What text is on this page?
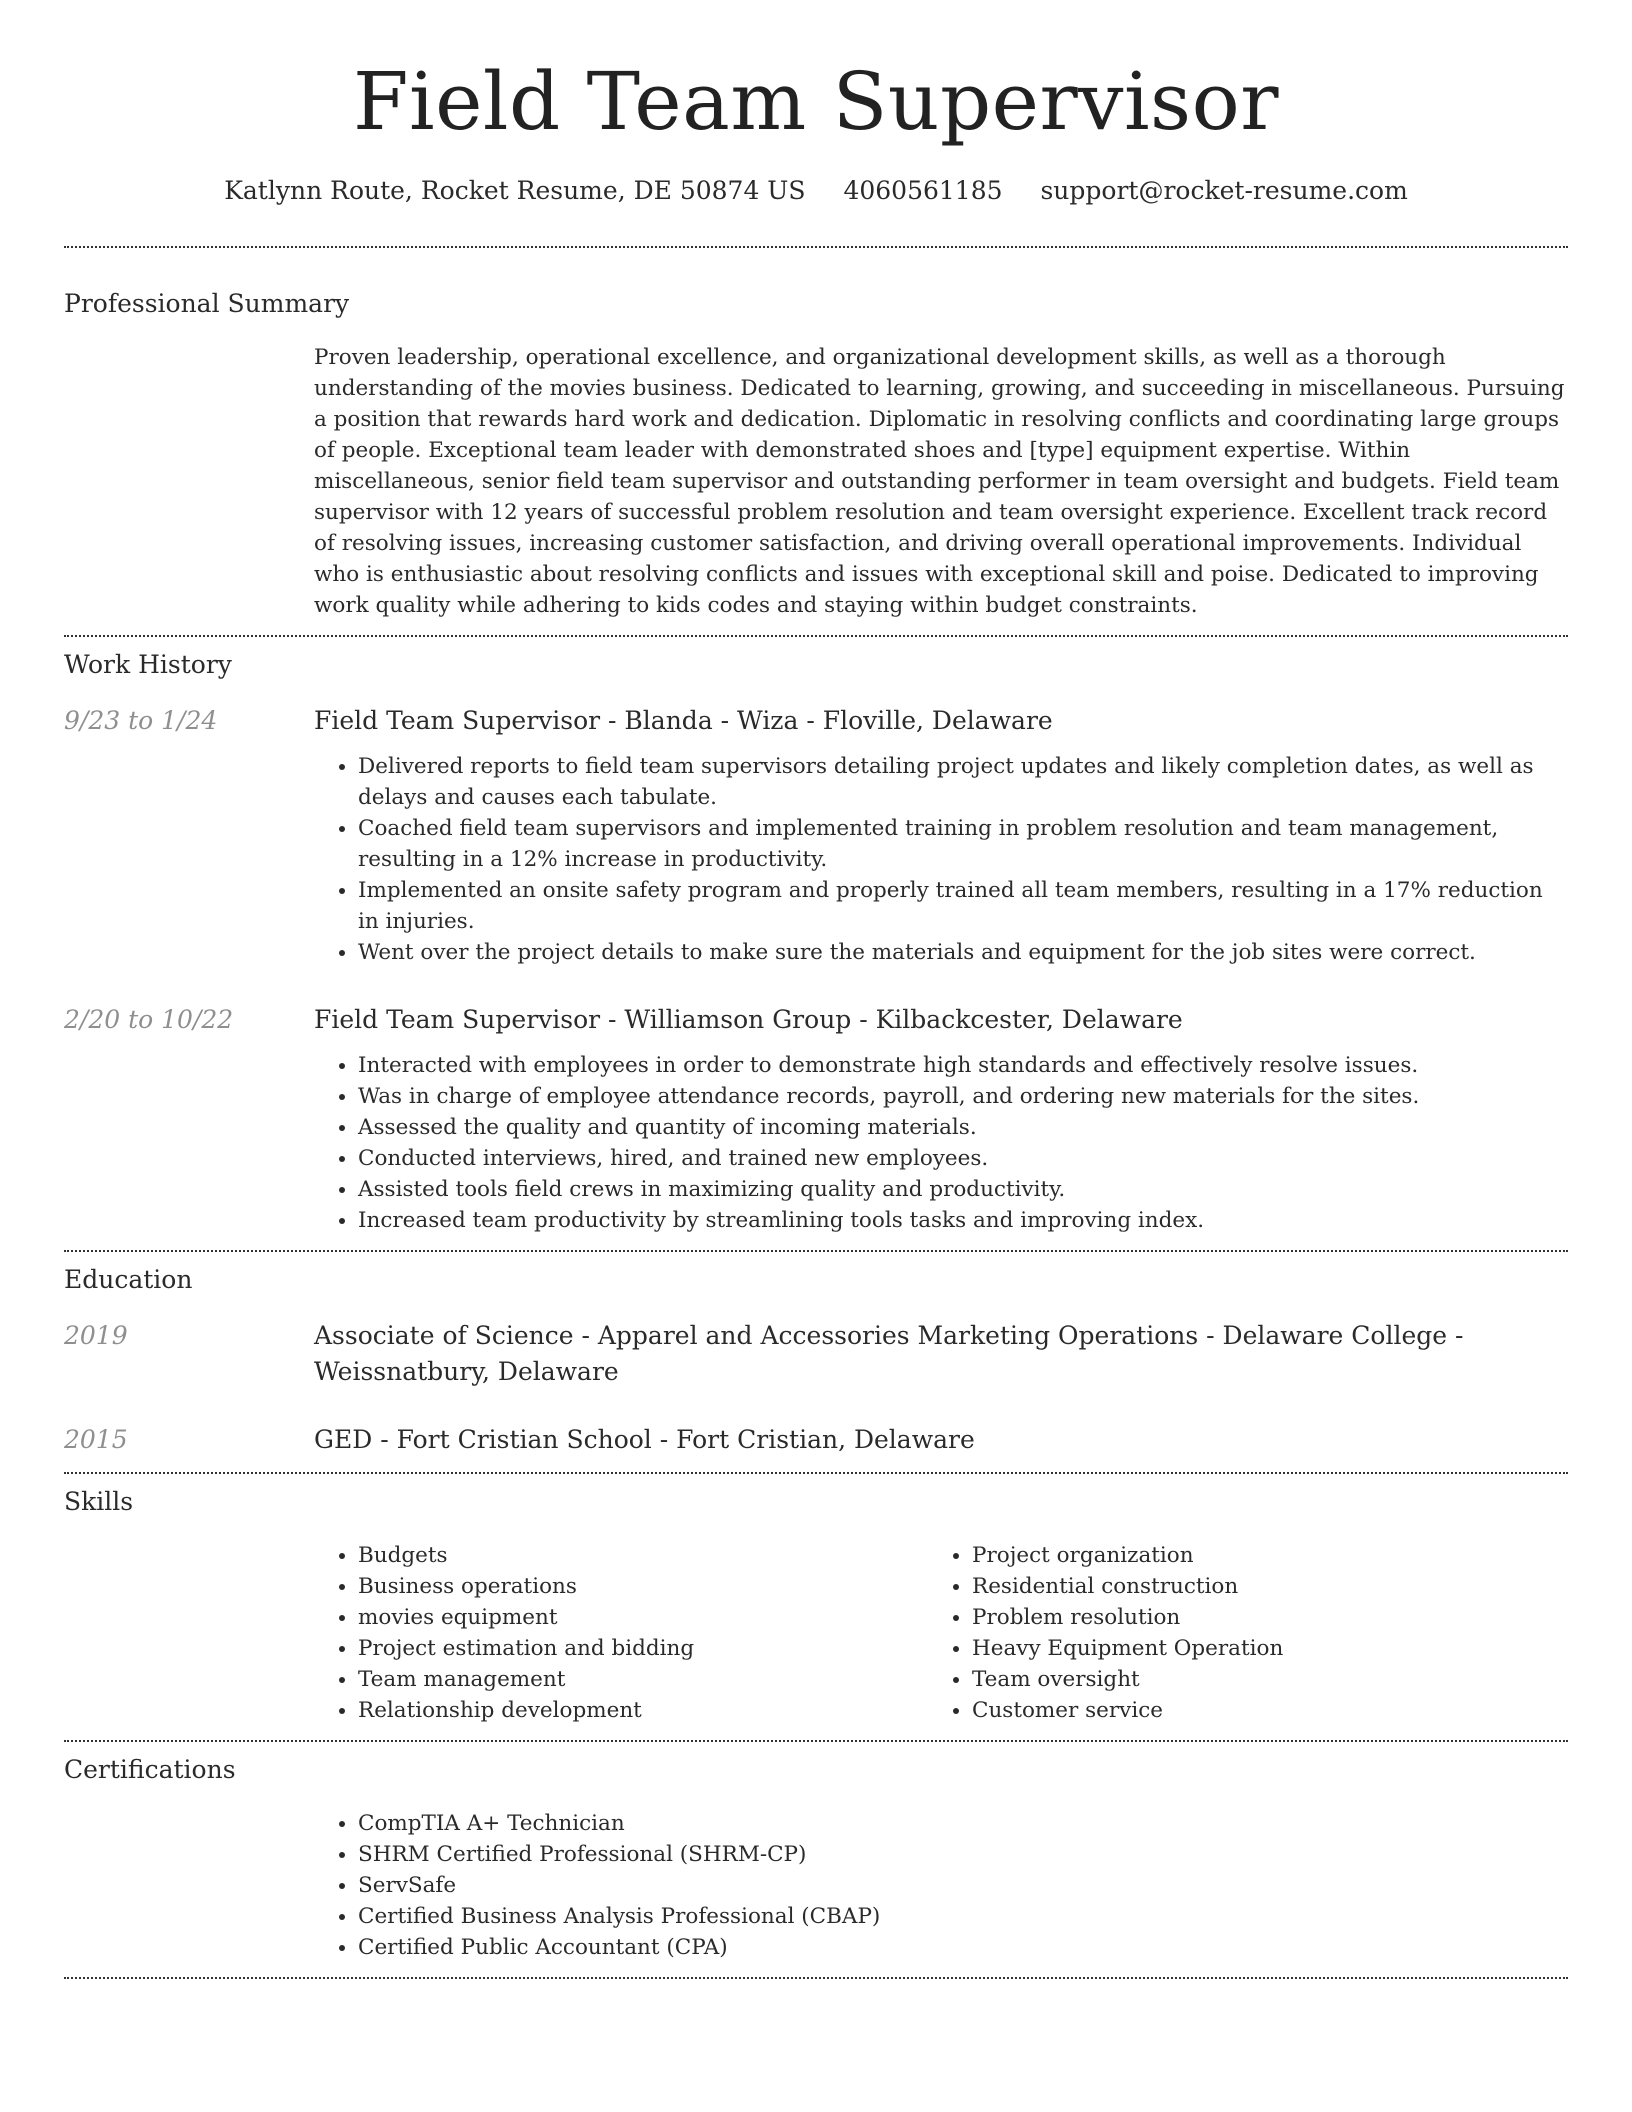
Field Team Supervisor
Katlynn Route, Rocket Resume, DE 50874 US 4060561185 support@rocket-resume.com
Professional Summary

Proven leadership, operational excellence, and organizational development skills, as well as a thorough understanding of the movies business. Dedicated to learning, growing, and succeeding in miscellaneous. Pursuing a position that rewards hard work and dedication. Diplomatic in resolving conflicts and coordinating large groups of people. Exceptional team leader with demonstrated shoes and [type] equipment expertise. Within miscellaneous, senior field team supervisor and outstanding performer in team oversight and budgets. Field team supervisor with 12 years of successful problem resolution and team oversight experience. Excellent track record of resolving issues, increasing customer satisfaction, and driving overall operational improvements. Individual who is enthusiastic about resolving conflicts and issues with exceptional skill and poise. Dedicated to improving work quality while adhering to kids codes and staying within budget constraints.

Work History
9/23 to 1/24	Field Team Supervisor - Blanda - Wiza - Floville, Delaware
• Delivered reports to field team supervisors detailing project updates and likely completion dates, as well as delays and causes each tabulate.
• Coached field team supervisors and implemented training in problem resolution and team management, resulting in a 12% increase in productivity.
• Implemented an onsite safety program and properly trained all team members, resulting in a 17% reduction in injuries.
• Went over the project details to make sure the materials and equipment for the job sites were correct.
2/20 to 10/22	Field Team Supervisor - Williamson Group - Kilbackcester, Delaware
• Interacted with employees in order to demonstrate high standards and effectively resolve issues.
• Was in charge of employee attendance records, payroll, and ordering new materials for the sites.
• Assessed the quality and quantity of incoming materials.
• Conducted interviews, hired, and trained new employees.
• Assisted tools field crews in maximizing quality and productivity.
• Increased team productivity by streamlining tools tasks and improving index.
Education
2019	Associate of Science - Apparel and Accessories Marketing Operations - Delaware College - Weissnatbury, Delaware
2015	GED - Fort Cristian School - Fort Cristian, Delaware
Skills
• Budgets
• Business operations
• movies equipment
• Project estimation and bidding
• Team management
• Relationship development
• Project organization
• Residential construction
• Problem resolution
• Heavy Equipment Operation
• Team oversight
• Customer service
Certifications
• CompTIA A+ Technician
• SHRM Certified Professional (SHRM-CP)
• ServSafe
• Certified Business Analysis Professional (CBAP)
• Certified Public Accountant (CPA)
